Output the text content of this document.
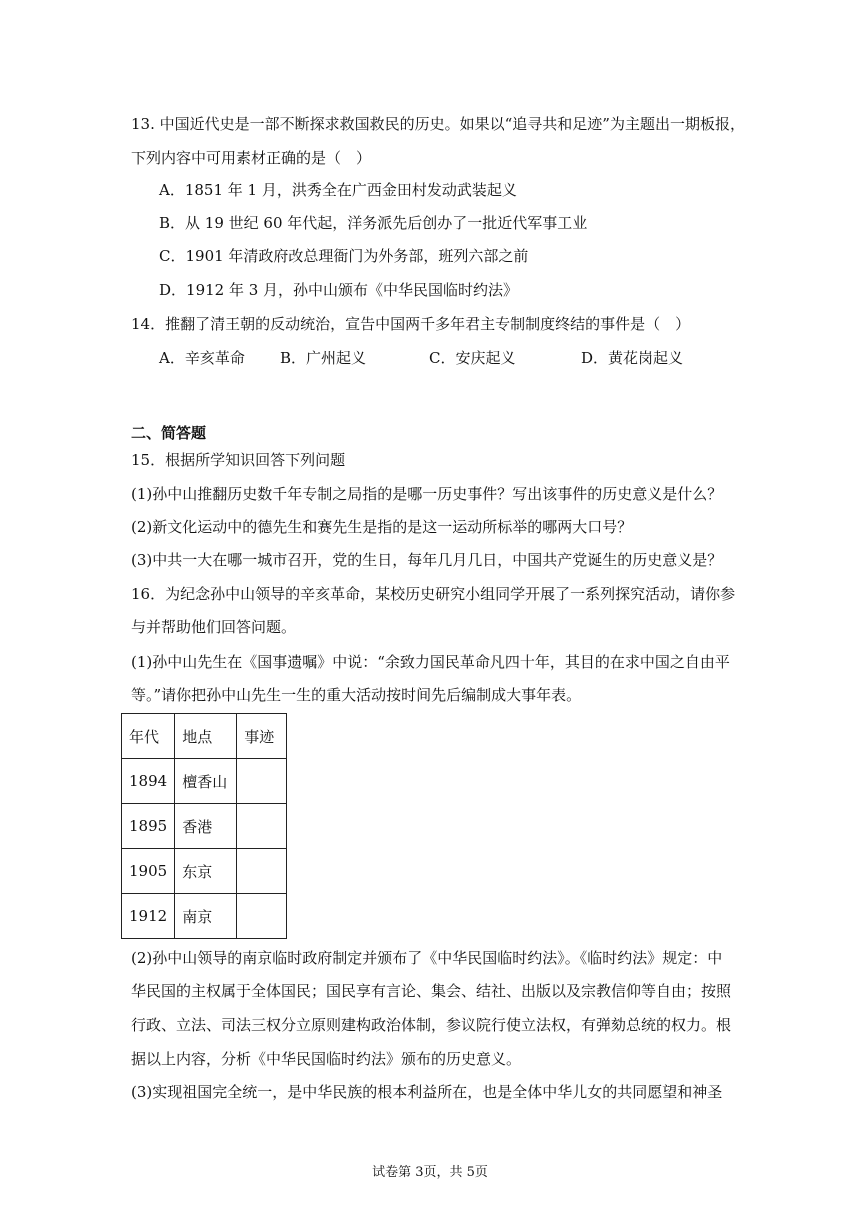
13. 中国近代史是一部不断探求救国救民的历史。如果以“追寻共和足迹”为主题出一期板报，
下列内容中可用素材正确的是（　）
A．1851 年 1 月，洪秀全在广西金田村发动武装起义
B．从 19 世纪 60 年代起，洋务派先后创办了一批近代军事工业
C．1901 年清政府改总理衙门为外务部，班列六部之前
D．1912 年 3 月，孙中山颁布《中华民国临时约法》
14．推翻了清王朝的反动统治，宣告中国两千多年君主专制制度终结的事件是（　）
A．辛亥革命 B．广州起义	C．安庆起义	D．黄花岗起义
二、简答题
15．根据所学知识回答下列问题
(1)孙中山推翻历史数千年专制之局指的是哪一历史事件？写出该事件的历史意义是什么？
(2)新文化运动中的德先生和赛先生是指的是这一运动所标举的哪两大口号？
(3)中共一大在哪一城市召开，党的生日，每年几月几日，中国共产党诞生的历史意义是？
16．为纪念孙中山领导的辛亥革命，某校历史研究小组同学开展了一系列探究活动，请你参
与并帮助他们回答问题。
(1)孙中山先生在《国事遗嘱》中说：“余致力国民革命凡四十年，其目的在求中国之自由平
等。”请你把孙中山先生一生的重大活动按时间先后编制成大事年表。
年代	地点	事迹
1894	檀香山	
1895	香港	
1905	东京	
1912	南京	
(2)孙中山领导的南京临时政府制定并颁布了《中华民国临时约法》。《临时约法》规定：中
华民国的主权属于全体国民；国民享有言论、集会、结社、出版以及宗教信仰等自由；按照
行政、立法、司法三权分立原则建构政治体制，参议院行使立法权，有弹劾总统的权力。根
据以上内容，分析《中华民国临时约法》颁布的历史意义。
(3)实现祖国完全统一，是中华民族的根本利益所在，也是全体中华儿女的共同愿望和神圣
试卷第 3页，共 5页
